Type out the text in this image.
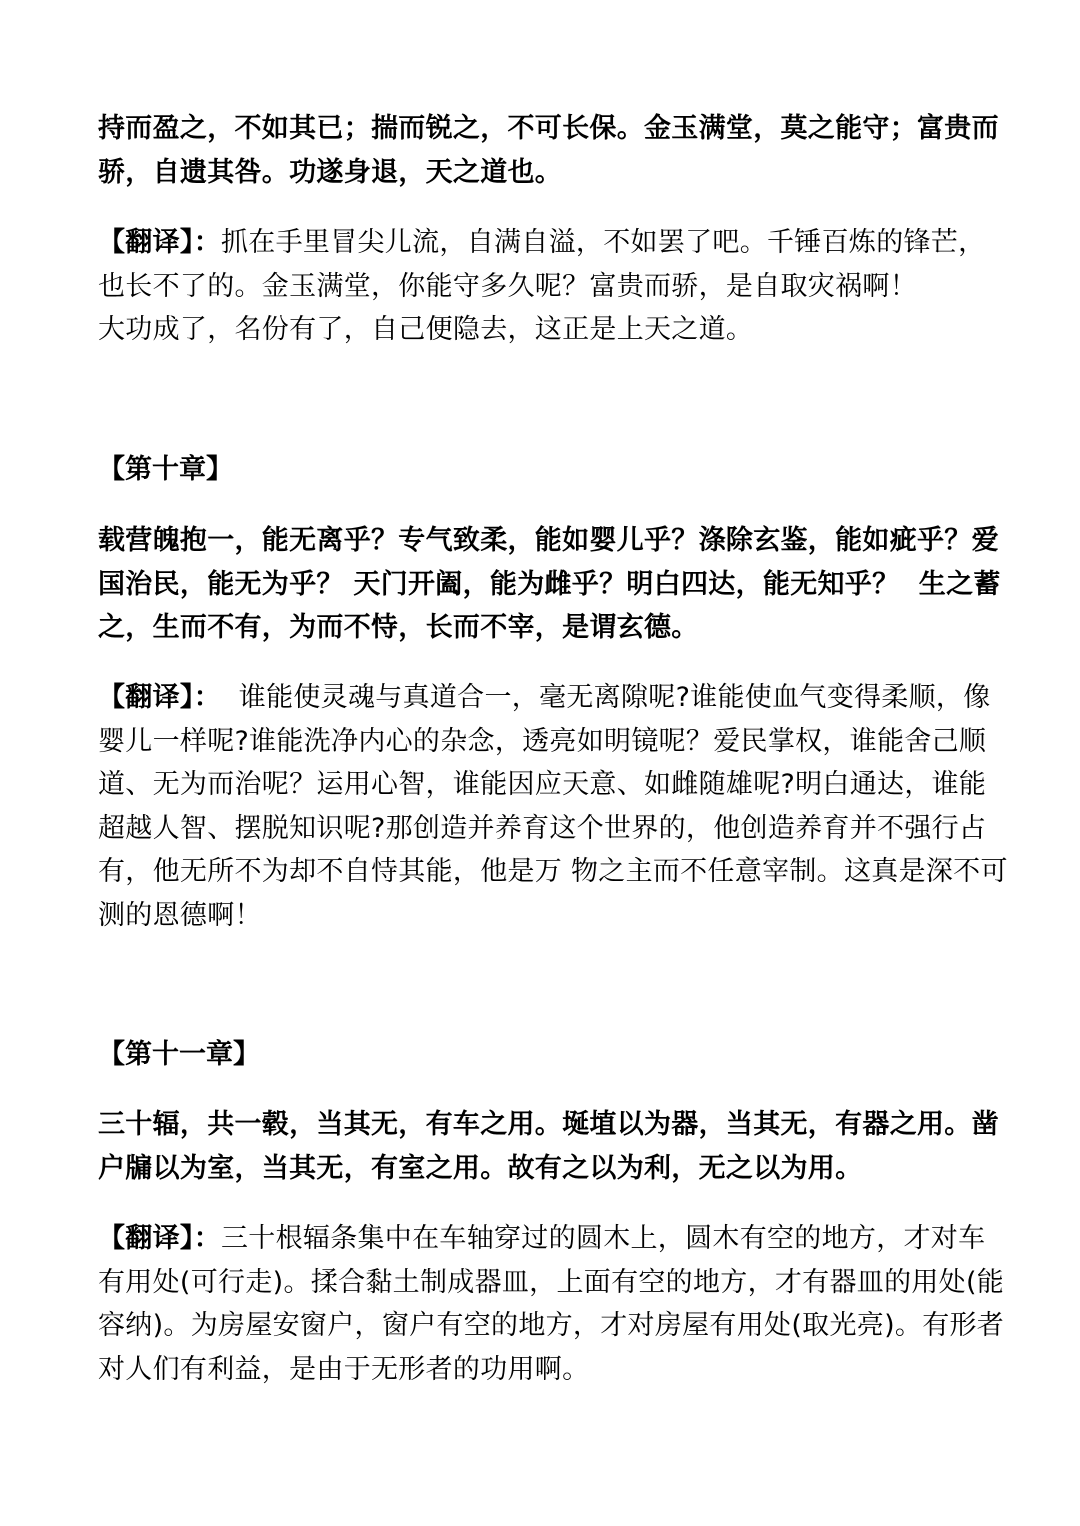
持而盈之，不如其已；揣而锐之，不可长保。金玉满堂，莫之能守；富贵而骄，自遗其咎。功遂身退，天之道也。

【翻译】：抓在手里冒尖儿流，自满自溢，不如罢了吧。千锤百炼的锋芒，也长不了的。金玉满堂，你能守多久呢？富贵而骄，是自取灾祸啊！        大功成了，名份有了，自己便隐去，这正是上天之道。

【第十章】

载营魄抱一，能无离乎？专气致柔，能如婴儿乎？涤除玄鉴，能如疵乎？爱国治民，能无为乎？ 天门开阖，能为雌乎？明白四达，能无知乎？  生之蓄之，生而不有，为而不恃，长而不宰，是谓玄德。

【翻译】：  谁能使灵魂与真道合一，毫无离隙呢?谁能使血气变得柔顺，像婴儿一样呢?谁能洗净内心的杂念，透亮如明镜呢？爱民掌权，谁能舍己顺道、无为而治呢？运用心智，谁能因应天意、如雌随雄呢?明白通达，谁能超越人智、摆脱知识呢?那创造并养育这个世界的，他创造养育并不强行占有，他无所不为却不自恃其能，他是万 物之主而不任意宰制。这真是深不可测的恩德啊！

【第十一章】

三十辐，共一毂，当其无，有车之用。埏埴以为器，当其无，有器之用。凿户牖以为室，当其无，有室之用。故有之以为利，无之以为用。

【翻译】：三十根辐条集中在车轴穿过的圆木上，圆木有空的地方，才对车有用处(可行走)。揉合黏土制成器皿，上面有空的地方，才有器皿的用处(能容纳)。为房屋安窗户，窗户有空的地方，才对房屋有用处(取光亮)。有形者对人们有利益，是由于无形者的功用啊。
